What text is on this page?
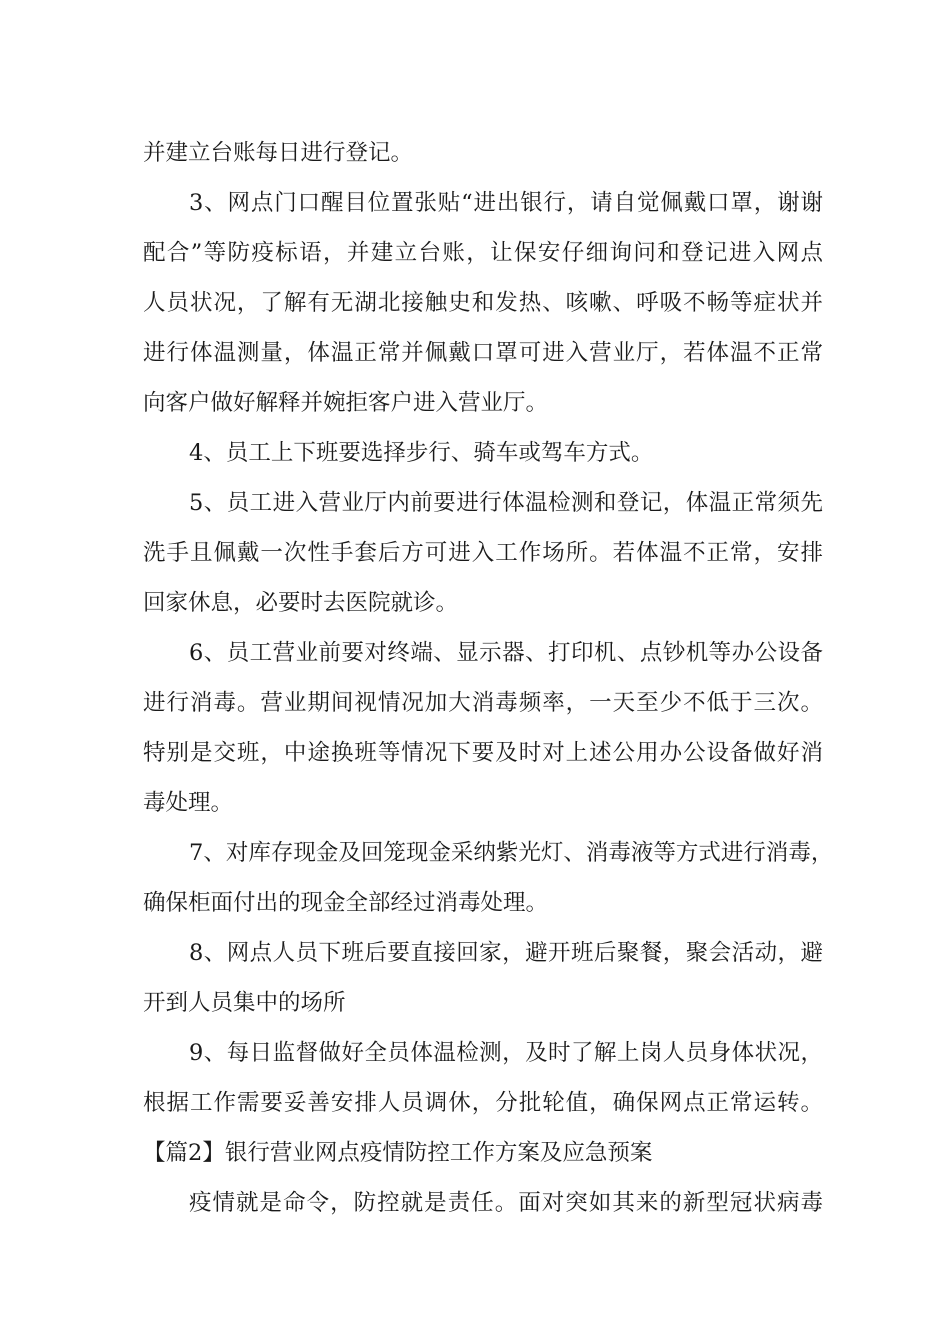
并建立台账每日进行登记。
3、网点门口醒目位置张贴“进出银行，请自觉佩戴口罩，谢谢
配合”等防疫标语，并建立台账，让保安仔细询问和登记进入网点
人员状况，了解有无湖北接触史和发热、咳嗽、呼吸不畅等症状并
进行体温测量，体温正常并佩戴口罩可进入营业厅，若体温不正常
向客户做好解释并婉拒客户进入营业厅。
4、员工上下班要选择步行、骑车或驾车方式。
5、员工进入营业厅内前要进行体温检测和登记，体温正常须先
洗手且佩戴一次性手套后方可进入工作场所。若体温不正常，安排
回家休息，必要时去医院就诊。
6、员工营业前要对终端、显示器、打印机、点钞机等办公设备
进行消毒。营业期间视情况加大消毒频率，一天至少不低于三次。
特别是交班，中途换班等情况下要及时对上述公用办公设备做好消
毒处理。
7、对库存现金及回笼现金采纳紫光灯、消毒液等方式进行消毒，
确保柜面付出的现金全部经过消毒处理。
8、网点人员下班后要直接回家，避开班后聚餐，聚会活动，避
开到人员集中的场所
9、每日监督做好全员体温检测，及时了解上岗人员身体状况，
根据工作需要妥善安排人员调休，分批轮值，确保网点正常运转。
【篇2】银行营业网点疫情防控工作方案及应急预案
疫情就是命令，防控就是责任。面对突如其来的新型冠状病毒
